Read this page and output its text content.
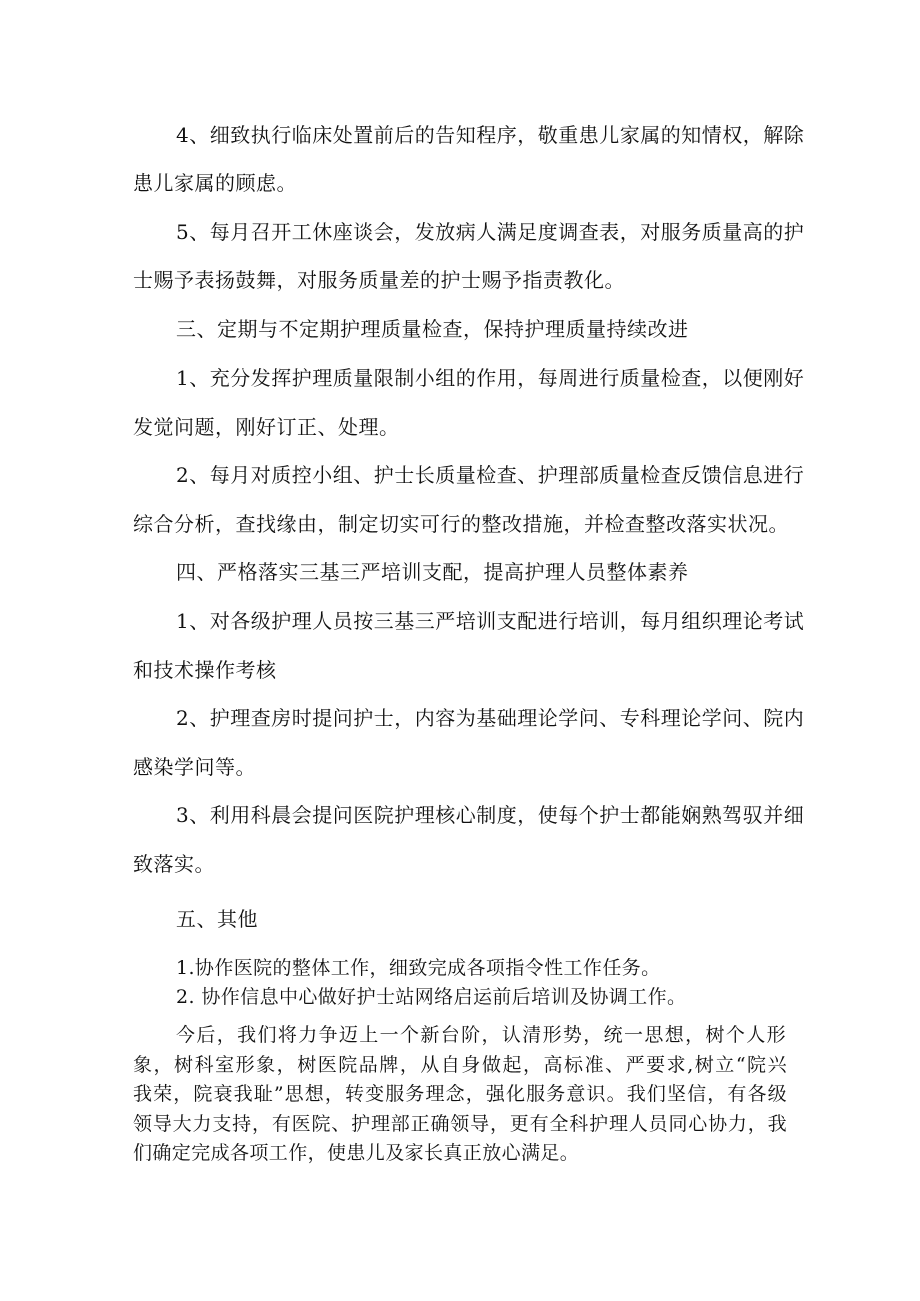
4、细致执行临床处置前后的告知程序，敬重患儿家属的知情权，解除
患儿家属的顾虑。
5、每月召开工休座谈会，发放病人满足度调查表，对服务质量高的护
士赐予表扬鼓舞，对服务质量差的护士赐予指责教化。
三、定期与不定期护理质量检查，保持护理质量持续改进
1、充分发挥护理质量限制小组的作用，每周进行质量检查，以便刚好
发觉问题，刚好订正、处理。
2、每月对质控小组、护士长质量检查、护理部质量检查反馈信息进行
综合分析，查找缘由，制定切实可行的整改措施，并检查整改落实状况。
四、严格落实三基三严培训支配，提高护理人员整体素养
1、对各级护理人员按三基三严培训支配进行培训，每月组织理论考试
和技术操作考核
2、护理查房时提问护士，内容为基础理论学问、专科理论学问、院内
感染学问等。
3、利用科晨会提问医院护理核心制度，使每个护士都能娴熟驾驭并细
致落实。
五、其他
1.协作医院的整体工作，细致完成各项指令性工作任务。
2. 协作信息中心做好护士站网络启运前后培训及协调工作。
今后，我们将力争迈上一个新台阶，认清形势，统一思想，树个人形
象，树科室形象，树医院品牌，从自身做起，高标准、严要求,树立“院兴
我荣，院衰我耻”思想，转变服务理念，强化服务意识。我们坚信，有各级
领导大力支持，有医院、护理部正确领导，更有全科护理人员同心协力，我
们确定完成各项工作，使患儿及家长真正放心满足。
